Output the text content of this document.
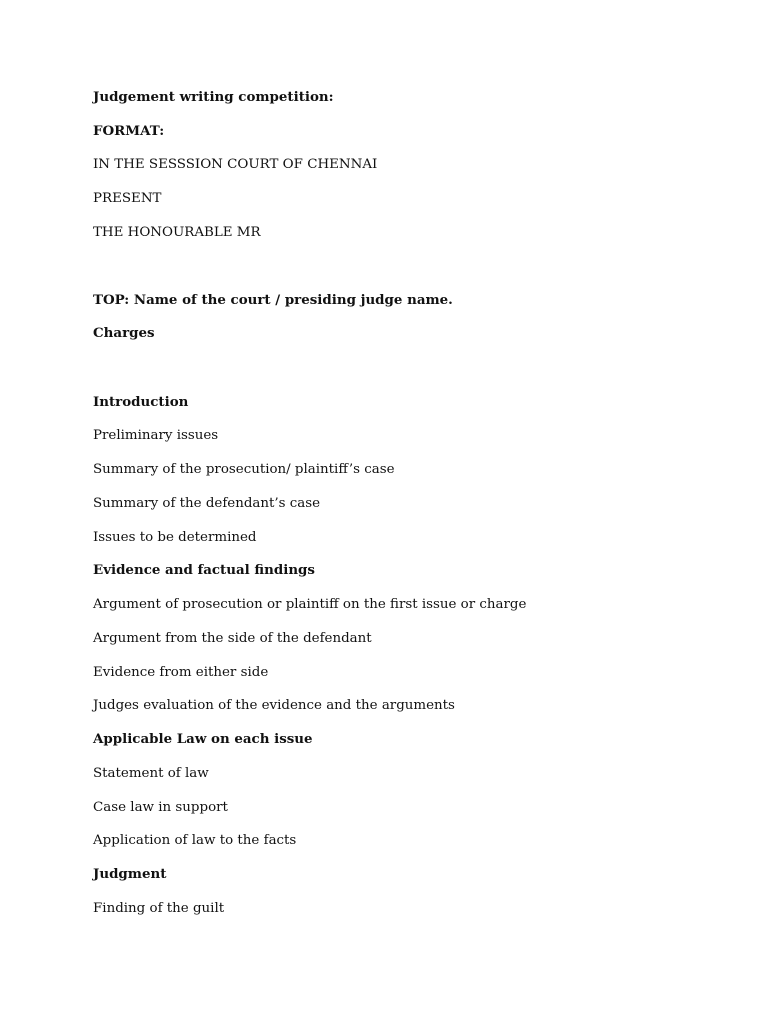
Judgement writing competition:

FORMAT:

IN THE SESSSION COURT OF CHENNAI

PRESENT

THE HONOURABLE MR

TOP: Name of the court / presiding judge name.

Charges

Introduction

Preliminary issues

Summary of the prosecution/ plaintiff’s case

Summary of the defendant’s case

Issues to be determined

Evidence and factual findings

Argument of prosecution or plaintiff on the first issue or charge

Argument from the side of the defendant

Evidence from either side

Judges evaluation of the evidence and the arguments

Applicable Law on each issue

Statement of law

Case law in support

Application of law to the facts

Judgment

Finding of the guilt
